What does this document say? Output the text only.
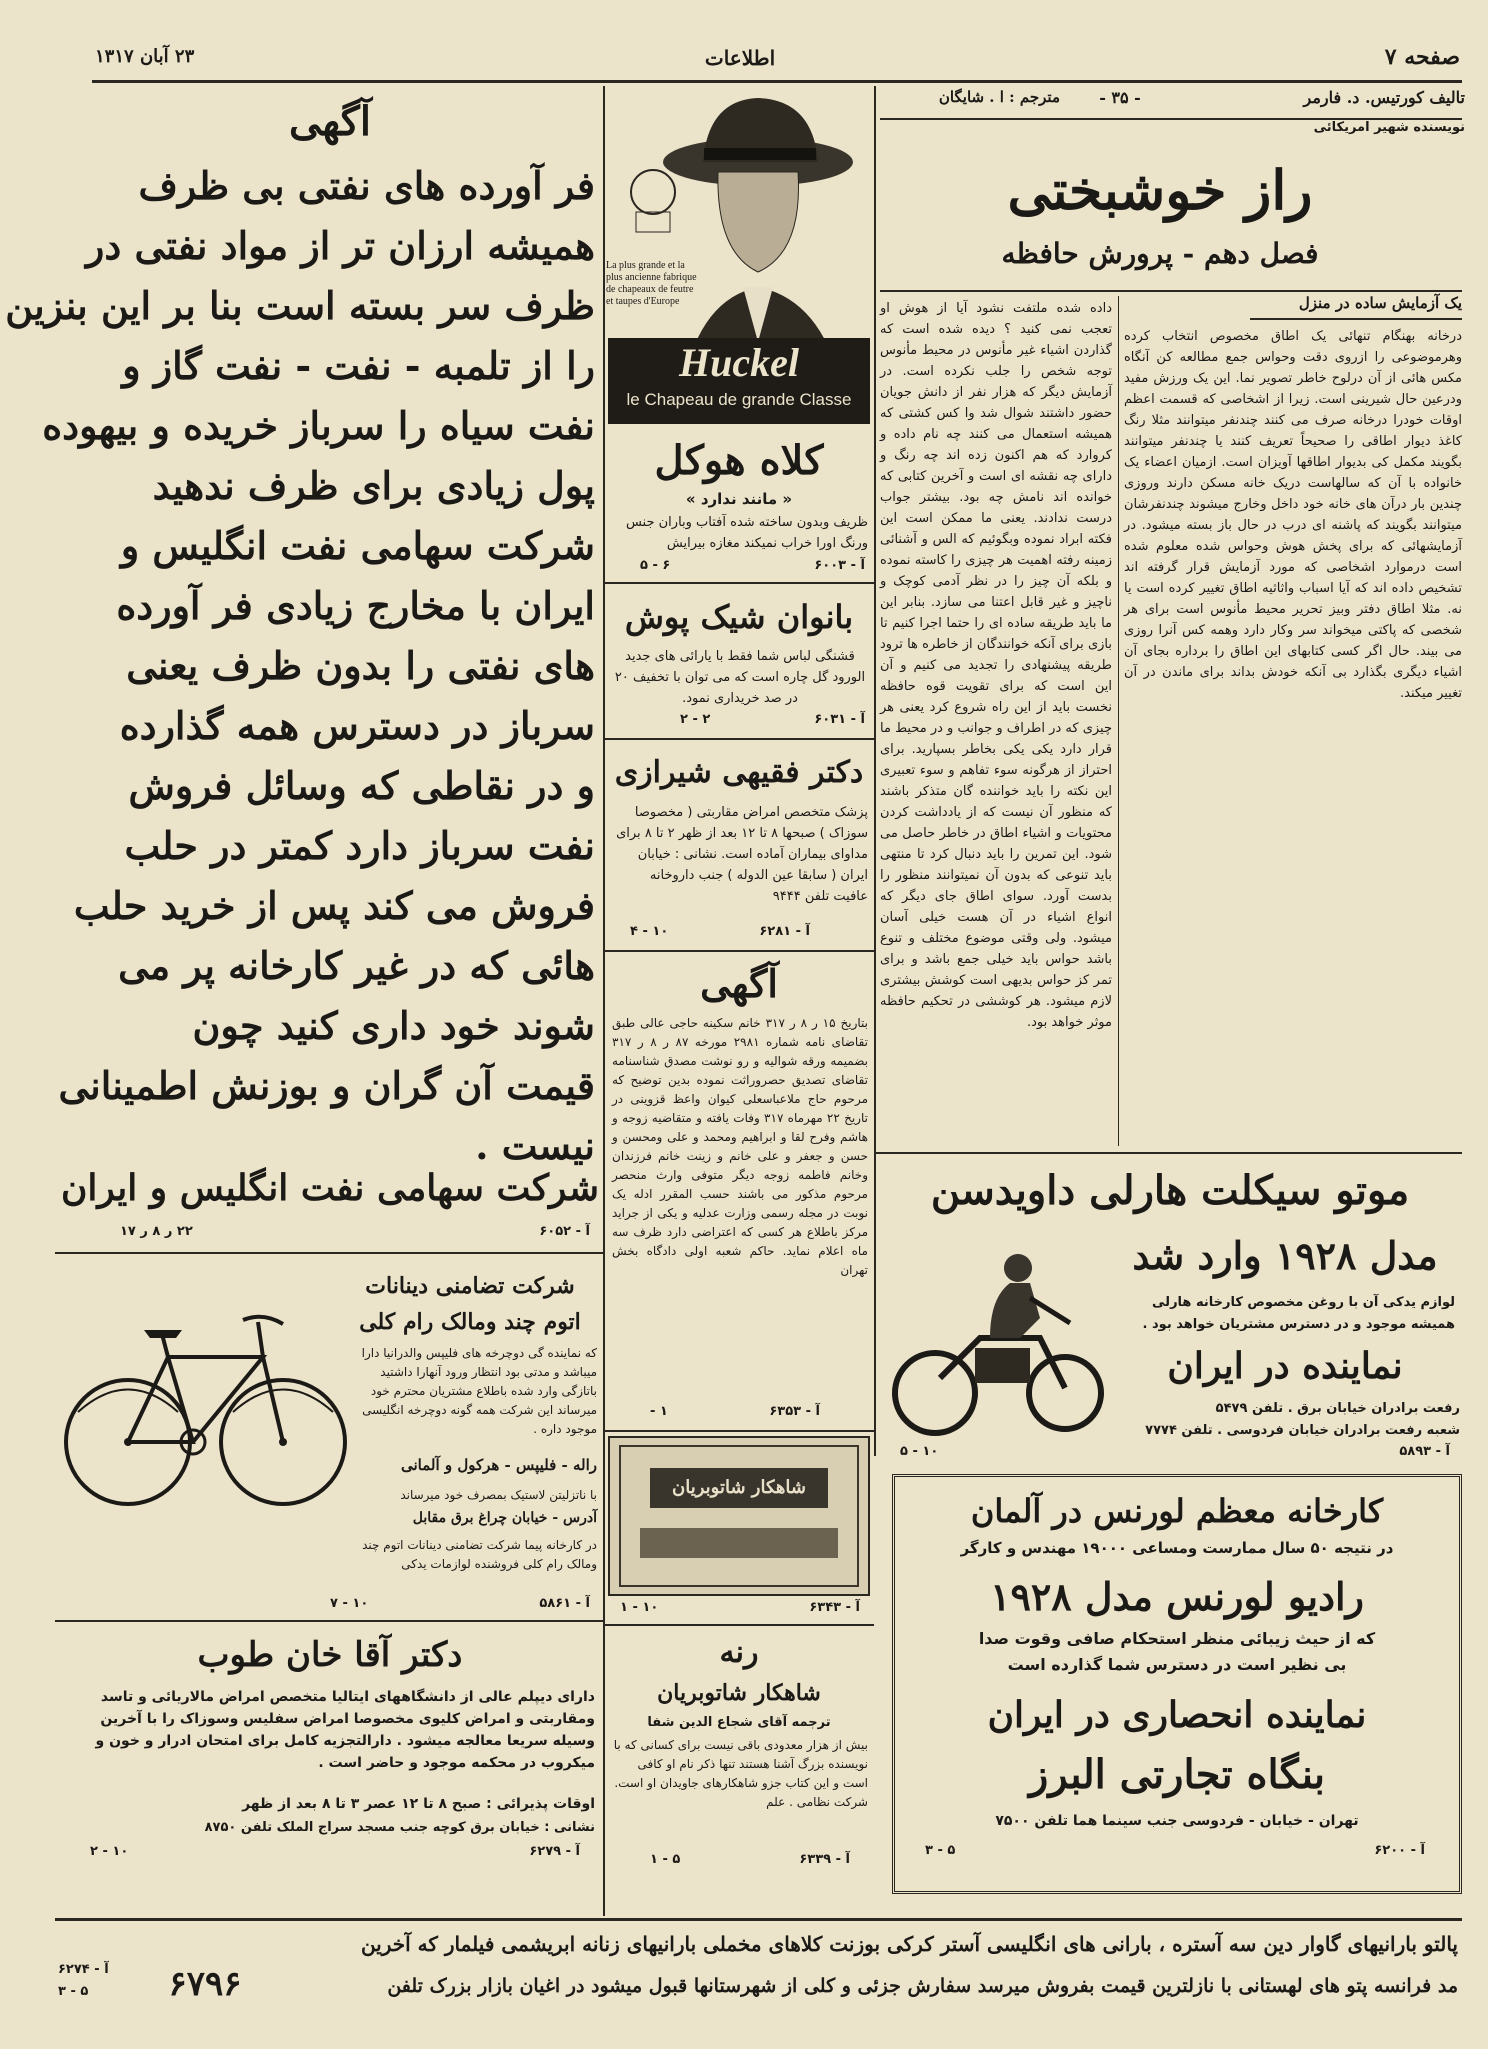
صفحه ۷
اطلاعات
۲۳ آبان ۱۳۱۷
تالیف کورتیس. د. فارمر
- ۳۵ -
مترجم : ا . شایگان
نویسنده شهیر امریکائی
راز خوشبختی
فصل دهم - پرورش حافظه
یک آزمایش ساده در منزل
درخانه بهنگام تنهائی یک اطاق مخصوص انتخاب کرده وهرموضوعی را ازروی دقت وحواس جمع مطالعه کن آنگاه مکس هائی از آن درلوح خاطر تصویر نما. این یک ورزش مفید ودرعین حال شیرینی است. زیرا از اشخاصی که قسمت اعظم اوقات خودرا درخانه صرف می کنند چندنفر میتوانند مثلا رنگ کاغذ دیوار اطاقی را صحیحاً تعریف کنند یا چندنفر میتوانند بگویند مکمل کی بدیوار اطاقها آویزان است. ازمیان اعضاء یک خانواده با آن که سالهاست دریک خانه مسکن دارند وروزی چندین بار درآن های خانه خود داخل وخارج میشوند چندنفرشان میتوانند بگویند که پاشنه ای درب در حال باز بسته میشود. در آزمایشهائی که برای پخش هوش وحواس شده معلوم شده است درموارد اشخاصی که مورد آزمایش قرار گرفته اند تشخیص داده اند که آیا اسباب واثاثیه اطاق تغییر کرده است یا نه. مثلا اطاق دفتر وبیز تحریر محیط مأنوس است برای هر شخصی که پاکتی میخواند سر وکار دارد وهمه کس آنرا روزی می بیند. حال اگر کسی کتابهای این اطاق را برداره بجای آن اشیاء دیگری بگذارد بی آنکه خودش بداند برای ماندن در آن تغییر میکند.
داده شده ملتفت نشود آیا از هوش او تعجب نمی کنید ؟ دیده شده است که گذاردن اشیاء غیر مأنوس در محیط مأنوس توجه شخص را جلب نکرده است. در آزمایش دیگر که هزار نفر از دانش جویان حضور داشتند شوال شد وا کس کشتی که همیشه استعمال می کنند چه نام داده و کروارد که هم اکنون زده اند چه رنگ و دارای چه نقشه ای است و آخرین کتابی که خوانده اند نامش چه بود. بیشتر جواب درست ندادند. یعنی ما ممکن است این فکته ابراد نموده وبگوئیم که الس و آشنائی زمینه رفته اهمیت هر چیزی را کاسته نموده و بلکه آن چیز را در نظر آدمی کوچک و ناچیز و غیر قابل اعتنا می سازد. بنابر این ما باید طریقه ساده ای را حتما اجرا کنیم تا بازی برای آنکه خوانندگان از خاطره ها ترود طریقه پیشنهادی را تجدید می کنیم و آن این است که برای تقویت قوه حافظه نخست باید از این راه شروع کرد یعنی هر چیزی که در اطراف و جوانب و در محیط ما قرار دارد یکی یکی بخاطر بسپارید. برای احتراز از هرگونه سوء تفاهم و سوء تعبیری این نکته را باید خواننده گان متذکر باشند که منظور آن نیست که از یادداشت کردن محتویات و اشیاء اطاق در خاطر حاصل می شود. این تمرین را باید دنبال کرد تا منتهی باید تنوعی که بدون آن نمیتوانند منظور را بدست آورد. سوای اطاق جای دیگر که انواع اشیاء در آن هست خیلی آسان میشود. ولی وقتی موضوع مختلف و تنوع باشد حواس باید خیلی جمع باشد و برای تمر کز حواس بدیهی است کوشش بیشتری لازم میشود. هر کوششی در تحکیم حافظه موثر خواهد بود.
La plus grande et la plus ancienne fabrique de chapeaux de feutre et taupes d'Europe
Huckel
le Chapeau de grande Classe
کلاه هوکل
« مانند ندارد »
ظریف وبدون ساخته شده آفتاب وباران جنس ورنگ اورا خراب نمیکند مغازه بیرایش
۶ - ۵	آ - ۶۰۰۳
بانوان شیک پوش
قشنگی لباس شما فقط با یارائی های جدید الورود گل چاره است که می توان با تخفیف ۲۰ در صد خریداری نمود.
۲ - ۲	آ - ۶۰۳۱
دکتر فقیهی شیرازی
پزشک متخصص امراض مقاربتی ( مخصوصا سوزاک ) صبحها ۸ تا ۱۲ بعد از ظهر ۲ تا ۸ برای مداوای بیماران آماده است. نشانی : خیابان ایران ( سابقا عین الدوله ) جنب داروخانه عافیت تلفن ۹۴۴۴
۱۰ - ۴	آ - ۶۲۸۱
آگهی
بتاریخ ۱۵ ر ۸ ر ۳۱۷ خانم سکینه حاجی عالی طبق تقاضای نامه شماره ۲۹۸۱ مورخه ۸۷ ر ۸ ر ۳۱۷ بضمیمه ورقه شوالیه و رو نوشت مصدق شناسنامه تقاضای تصدیق حصروراثت نموده بدین توضیح که مرحوم حاج ملاعباسعلی کیوان واعظ قزوینی در تاریخ ۲۲ مهرماه ۳۱۷ وفات یافته و متقاضیه زوجه و هاشم وفرح لقا و ابراهیم ومحمد و علی ومحسن و حسن و جعفر و علی خانم و زینت خانم فرزندان وخانم فاطمه زوجه دیگر متوفی وارث منحصر مرحوم مذکور می باشند حسب المقرر ادله یک نوبت در مجله رسمی وزارت عدلیه و یکی از جراید مرکز باطلاع هر کسی که اعتراضی دارد ظرف سه ماه اعلام نماید. حاکم شعبه اولی دادگاه بخش تهران
۱ -	آ - ۶۳۵۳
شاهکار شاتوبریان
۱۰ - ۱	آ - ۶۳۴۳
رنه
شاهکار شاتوبریان
ترجمه آقای شجاع الدین شفا
بیش از هزار معدودی باقی نیست برای کسانی که با نویسنده بزرگ آشنا هستند تنها ذکر نام او کافی است و این کتاب جزو شاهکارهای جاویدان او است. شرکت نظامی . علم
۵ - ۱	آ - ۶۳۳۹
آگهی
فر آورده های نفتی بی ظرف
همیشه ارزان تر از مواد نفتی در
ظرف سر بسته است بنا بر این بنزین
را از تلمبه - نفت - نفت گاز و
نفت سیاه را سرباز خریده و بیهوده
پول زیادی برای ظرف ندهید
شرکت سهامی نفت انگلیس و
ایران با مخارج زیادی فر آورده
های نفتی را بدون ظرف یعنی
سرباز در دسترس همه گذارده
و در نقاطی که وسائل فروش
نفت سرباز دارد کمتر در حلب
فروش می کند پس از خرید حلب
هائی که در غیر کارخانه پر می
شوند خود داری کنید چون
قیمت آن گران و بوزنش اطمینانی
نیست .
شرکت سهامی نفت انگلیس و ایران
۲۲ ر ۸ ر ۱۷	آ - ۶۰۵۲
شرکت تضامنی دینانات
اتوم چند ومالک رام کلی
که نماینده گی دوچرخه های فلیپس والدرانیا دارا میباشد و مدتی بود انتظار ورود آنهارا داشتید باتازگی وارد شده باطلاع مشتریان محترم خود میرساند این شرکت همه گونه دوچرخه انگلیسی موجود داره .
راله - فلیپس - هرکول و آلمانی
با ناتزلیتن لاستیک بمصرف خود میرساند
آدرس - خیابان چراغ برق مقابل
در کارخانه پیما شرکت تضامنی دینانات اتوم چند ومالک رام کلی فروشنده لوازمات یدکی
۱۰ - ۷	آ - ۵۸۶۱
دکتر آقا خان طوب
دارای دیپلم عالی از دانشگاههای ایتالیا متخصص امراض مالاریائی و تاسد ومقاربتی و امراض کلیوی مخصوصا امراض سفلیس وسوزاک را با آخرین وسیله سریعا معالجه میشود . دارالتجزیه کامل برای امتحان ادرار و خون و میکروب در محکمه موجود و حاضر است .
اوقات پذیرائی : صبح ۸ تا ۱۲ عصر ۳ تا ۸ بعد از ظهر
نشانی : خیابان برق کوچه جنب مسجد سراج الملک تلفن ۸۷۵۰
۱۰ - ۲	آ - ۶۲۷۹
موتو سیکلت هارلی داویدسن
مدل ۱۹۲۸ وارد شد
لوازم یدکی آن با روغن مخصوص کارخانه هارلی
همیشه موجود و در دسترس مشتریان خواهد بود .
نماینده در ایران
رفعت برادران خیابان برق . تلفن ۵۴۷۹
شعبه رفعت برادران خیابان فردوسی . تلفن ۷۷۷۴
۱۰ - ۵	آ - ۵۸۹۳
کارخانه معظم لورنس در آلمان
در نتیجه ۵۰ سال ممارست ومساعی ۱۹۰۰۰ مهندس و کارگر
رادیو لورنس مدل ۱۹۲۸
که از حیث زیبائی منظر استحکام صافی وقوت صدا
بی نظیر است در دسترس شما گذارده است
نماینده انحصاری در ایران
بنگاه تجارتی البرز
تهران - خیابان - فردوسی جنب سینما هما تلفن ۷۵۰۰
۵ - ۳	آ - ۶۲۰۰
پالتو بارانیهای گاوار دین سه آستره ، بارانی های انگلیسی آستر کرکی بوزنت کلاهای مخملی بارانیهای زنانه ابریشمی فیلمار که آخرین
مد فرانسه پتو های لهستانی با نازلترین قیمت بفروش میرسد سفارش جزئی و کلی از شهرستانها قبول میشود در اغیان بازار بزرک تلفن
۶۷۹۶
آ - ۶۲۷۴
۵ - ۳
